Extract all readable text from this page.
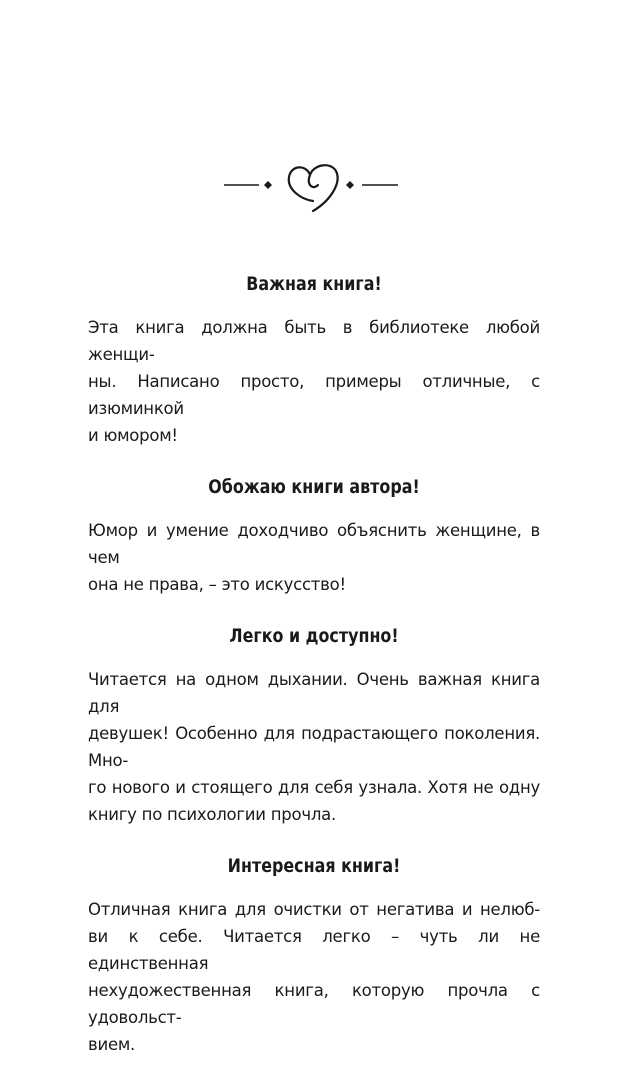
Важная книга!
Эта книга должна быть в библиотеке любой женщи-
ны. Написано просто, примеры отличные, с изюминкой
и юмором!
Обожаю книги автора!
Юмор и умение доходчиво объяснить женщине, в чем
она не права, – это искусство!
Легко и доступно!
Читается на одном дыхании. Очень важная книга для
девушек! Особенно для подрастающего поколения. Мно-
го нового и стоящего для себя узнала. Хотя не одну
книгу по психологии прочла.
Интересная книга!
Отличная книга для очистки от негатива и нелюб-
ви к себе. Читается легко – чуть ли не единственная
нехудожественная книга, которую прочла с удовольст-
вием.
